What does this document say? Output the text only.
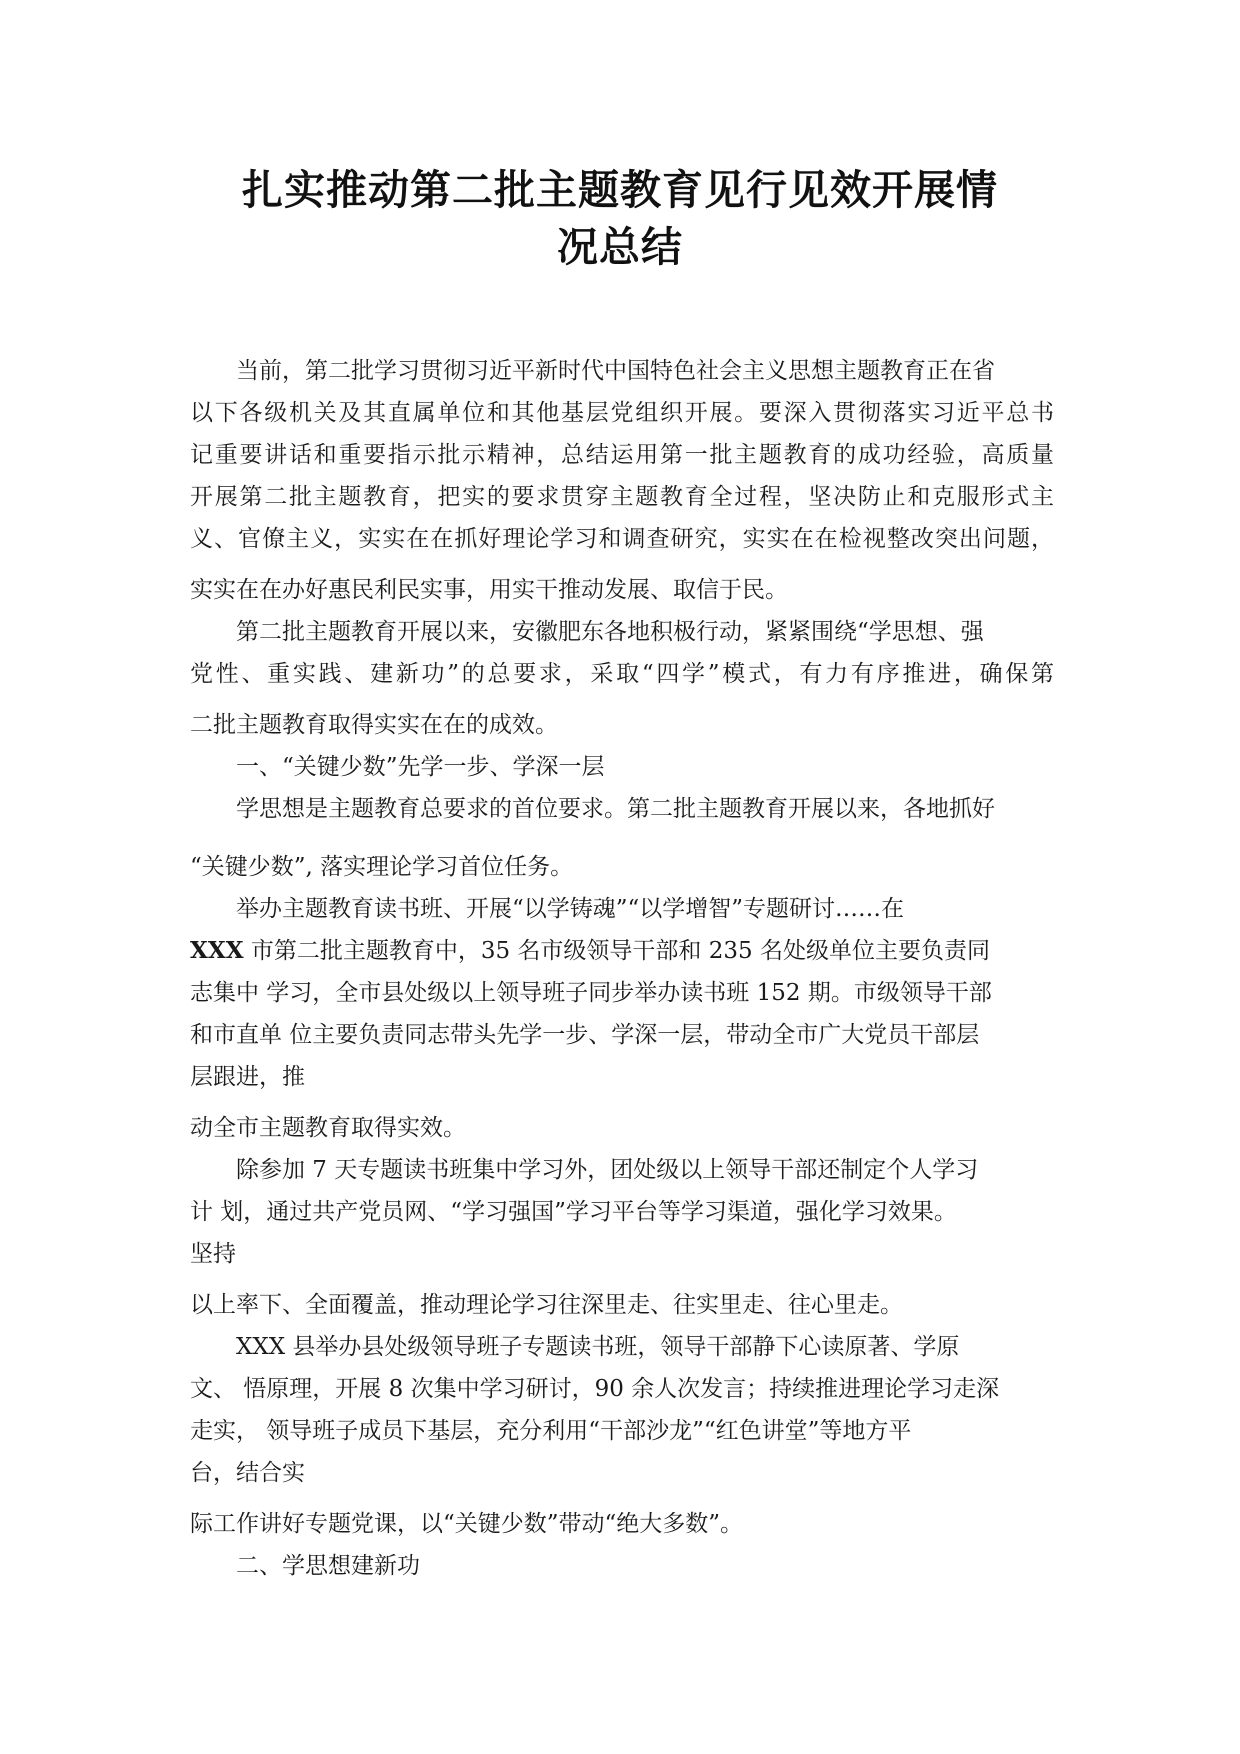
扎实推动第二批主题教育见行见效开展情
况总结
当前，第二批学习贯彻习近平新时代中国特色社会主义思想主题教育正在省
以下各级机关及其直属单位和其他基层党组织开展。要深入贯彻落实习近平总书
记重要讲话和重要指示批示精神，总结运用第一批主题教育的成功经验，高质量
开展第二批主题教育，把实的要求贯穿主题教育全过程，坚决防止和克服形式主
义、官僚主义，实实在在抓好理论学习和调查研究，实实在在检视整改突出问题，
实实在在办好惠民利民实事，用实干推动发展、取信于民。
第二批主题教育开展以来，安徽肥东各地积极行动，紧紧围绕“学思想、强
党性、重实践、建新功”的总要求，采取“四学”模式，有力有序推进，确保第
二批主题教育取得实实在在的成效。
一、“关键少数”先学一步、学深一层
学思想是主题教育总要求的首位要求。第二批主题教育开展以来，各地抓好
“关键少数”, 落实理论学习首位任务。
举办主题教育读书班、开展“以学铸魂”“以学增智”专题研讨……在
XXX 市第二批主题教育中，35 名市级领导干部和 235 名处级单位主要负责同
志集中 学习，全市县处级以上领导班子同步举办读书班 152 期。市级领导干部
和市直单 位主要负责同志带头先学一步、学深一层，带动全市广大党员干部层
层跟进，推
动全市主题教育取得实效。
除参加 7 天专题读书班集中学习外，团处级以上领导干部还制定个人学习
计 划，通过共产党员网、“学习强国”学习平台等学习渠道，强化学习效果。
坚持
以上率下、全面覆盖，推动理论学习往深里走、往实里走、往心里走。
XXX 县举办县处级领导班子专题读书班，领导干部静下心读原著、学原
文、 悟原理，开展 8 次集中学习研讨，90 余人次发言；持续推进理论学习走深
走实， 领导班子成员下基层，充分利用“干部沙龙”“红色讲堂”等地方平
台，结合实
际工作讲好专题党课，以“关键少数”带动“绝大多数”。
二、学思想建新功
